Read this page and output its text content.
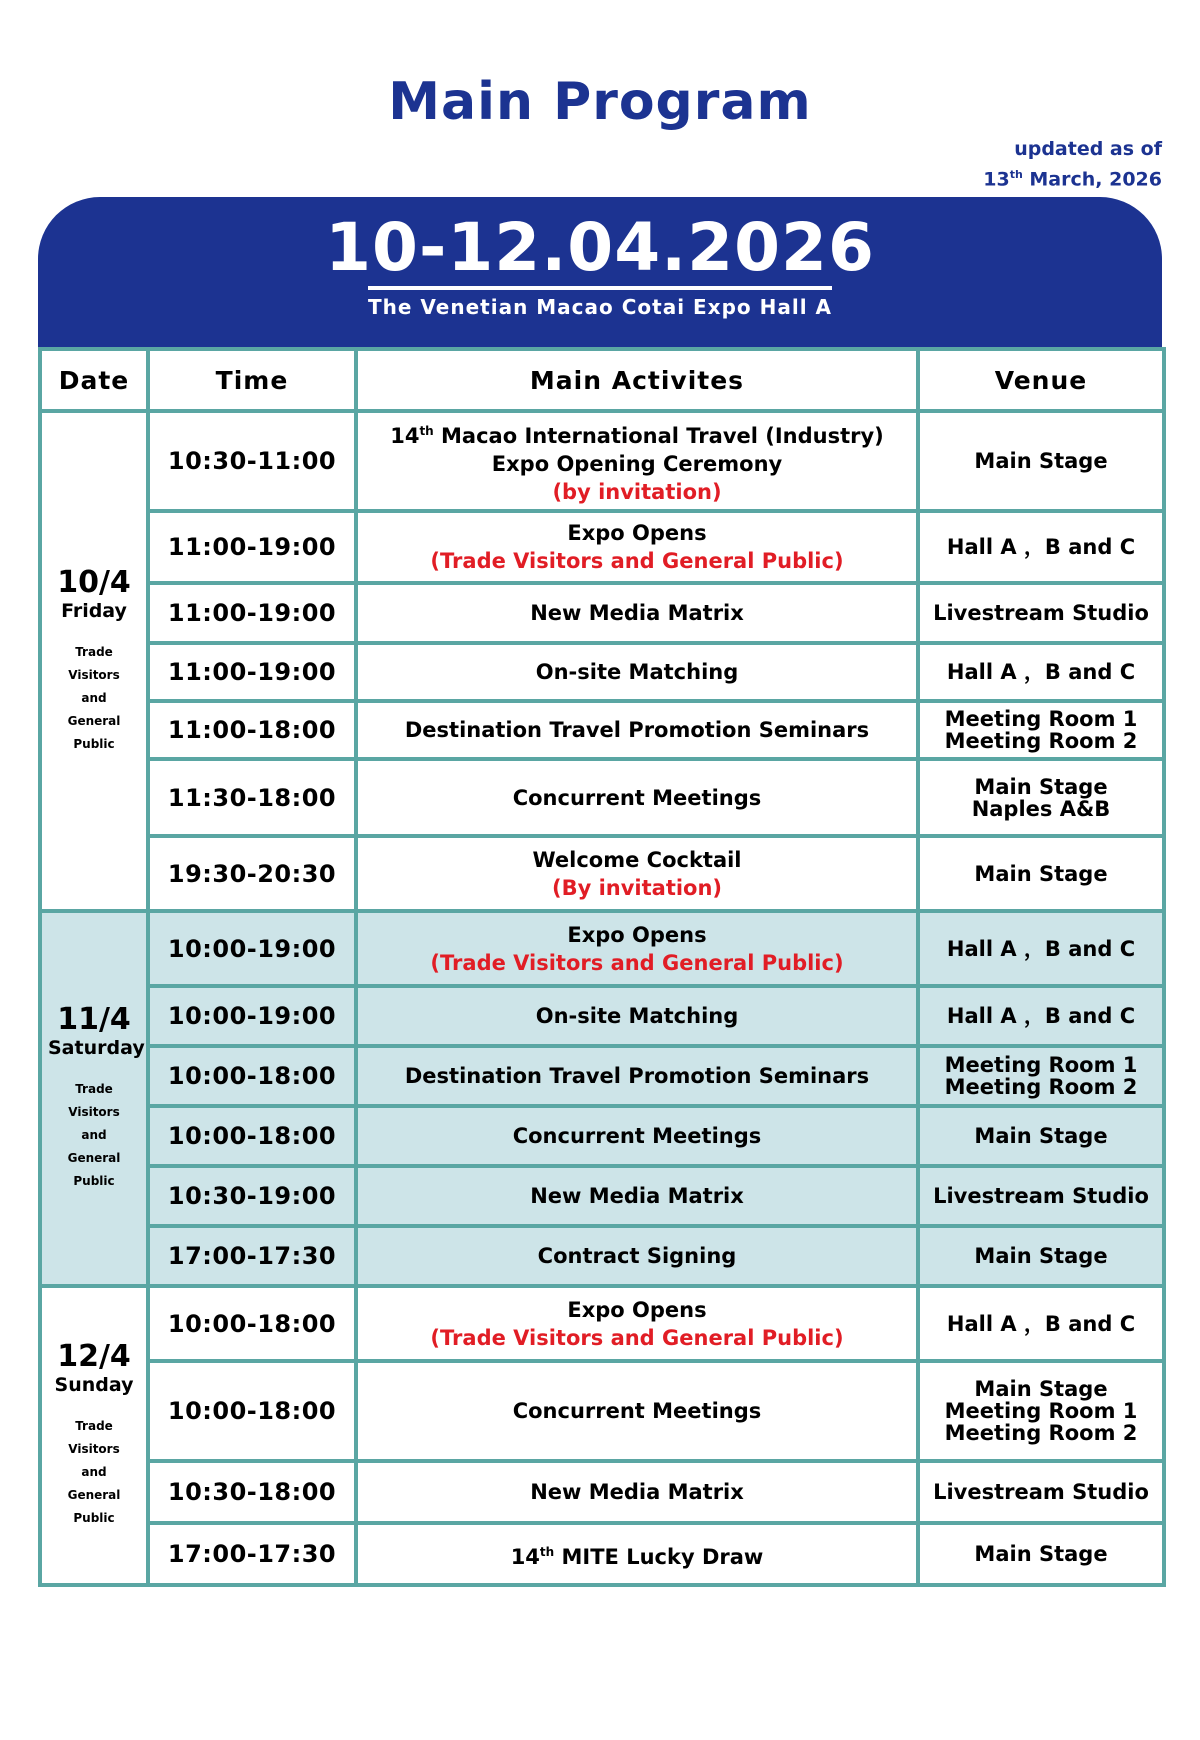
Main Program
updated as of
13th March, 2026
10-12.04.2026
The Venetian Macao Cotai Expo Hall A
Date	Time	Main Activites	Venue

10/4
Friday
Trade Visitors
and
General Public	10:30-11:00	14th Macao International Travel (Industry)
Expo Opening Ceremony
(by invitation)	Main Stage

	11:00-19:00	Expo Opens
(Trade Visitors and General Public)	Hall A ，B and C

	11:00-19:00	New Media Matrix	Livestream Studio

	11:00-19:00	On-site Matching	Hall A ，B and C

	11:00-18:00	Destination Travel Promotion Seminars	Meeting Room 1
Meeting Room 2

	11:30-18:00	Concurrent Meetings	Main Stage
Naples A&B

	19:30-20:30	Welcome Cocktail
(By invitation)	Main Stage

11/4
Saturday
Trade Visitors
and
General Public	10:00-19:00	Expo Opens
(Trade Visitors and General Public)	Hall A ，B and C

	10:00-19:00	On-site Matching	Hall A ，B and C

	10:00-18:00	Destination Travel Promotion Seminars	Meeting Room 1
Meeting Room 2

	10:00-18:00	Concurrent Meetings	Main Stage

	10:30-19:00	New Media Matrix	Livestream Studio

	17:00-17:30	Contract Signing	Main Stage

12/4
Sunday
Trade Visitors
and
General Public	10:00-18:00	Expo Opens
(Trade Visitors and General Public)	Hall A ，B and C

	10:00-18:00	Concurrent Meetings	Main Stage
Meeting Room 1
Meeting Room 2

	10:30-18:00	New Media Matrix	Livestream Studio

	17:00-17:30	14th MITE Lucky Draw	Main Stage
